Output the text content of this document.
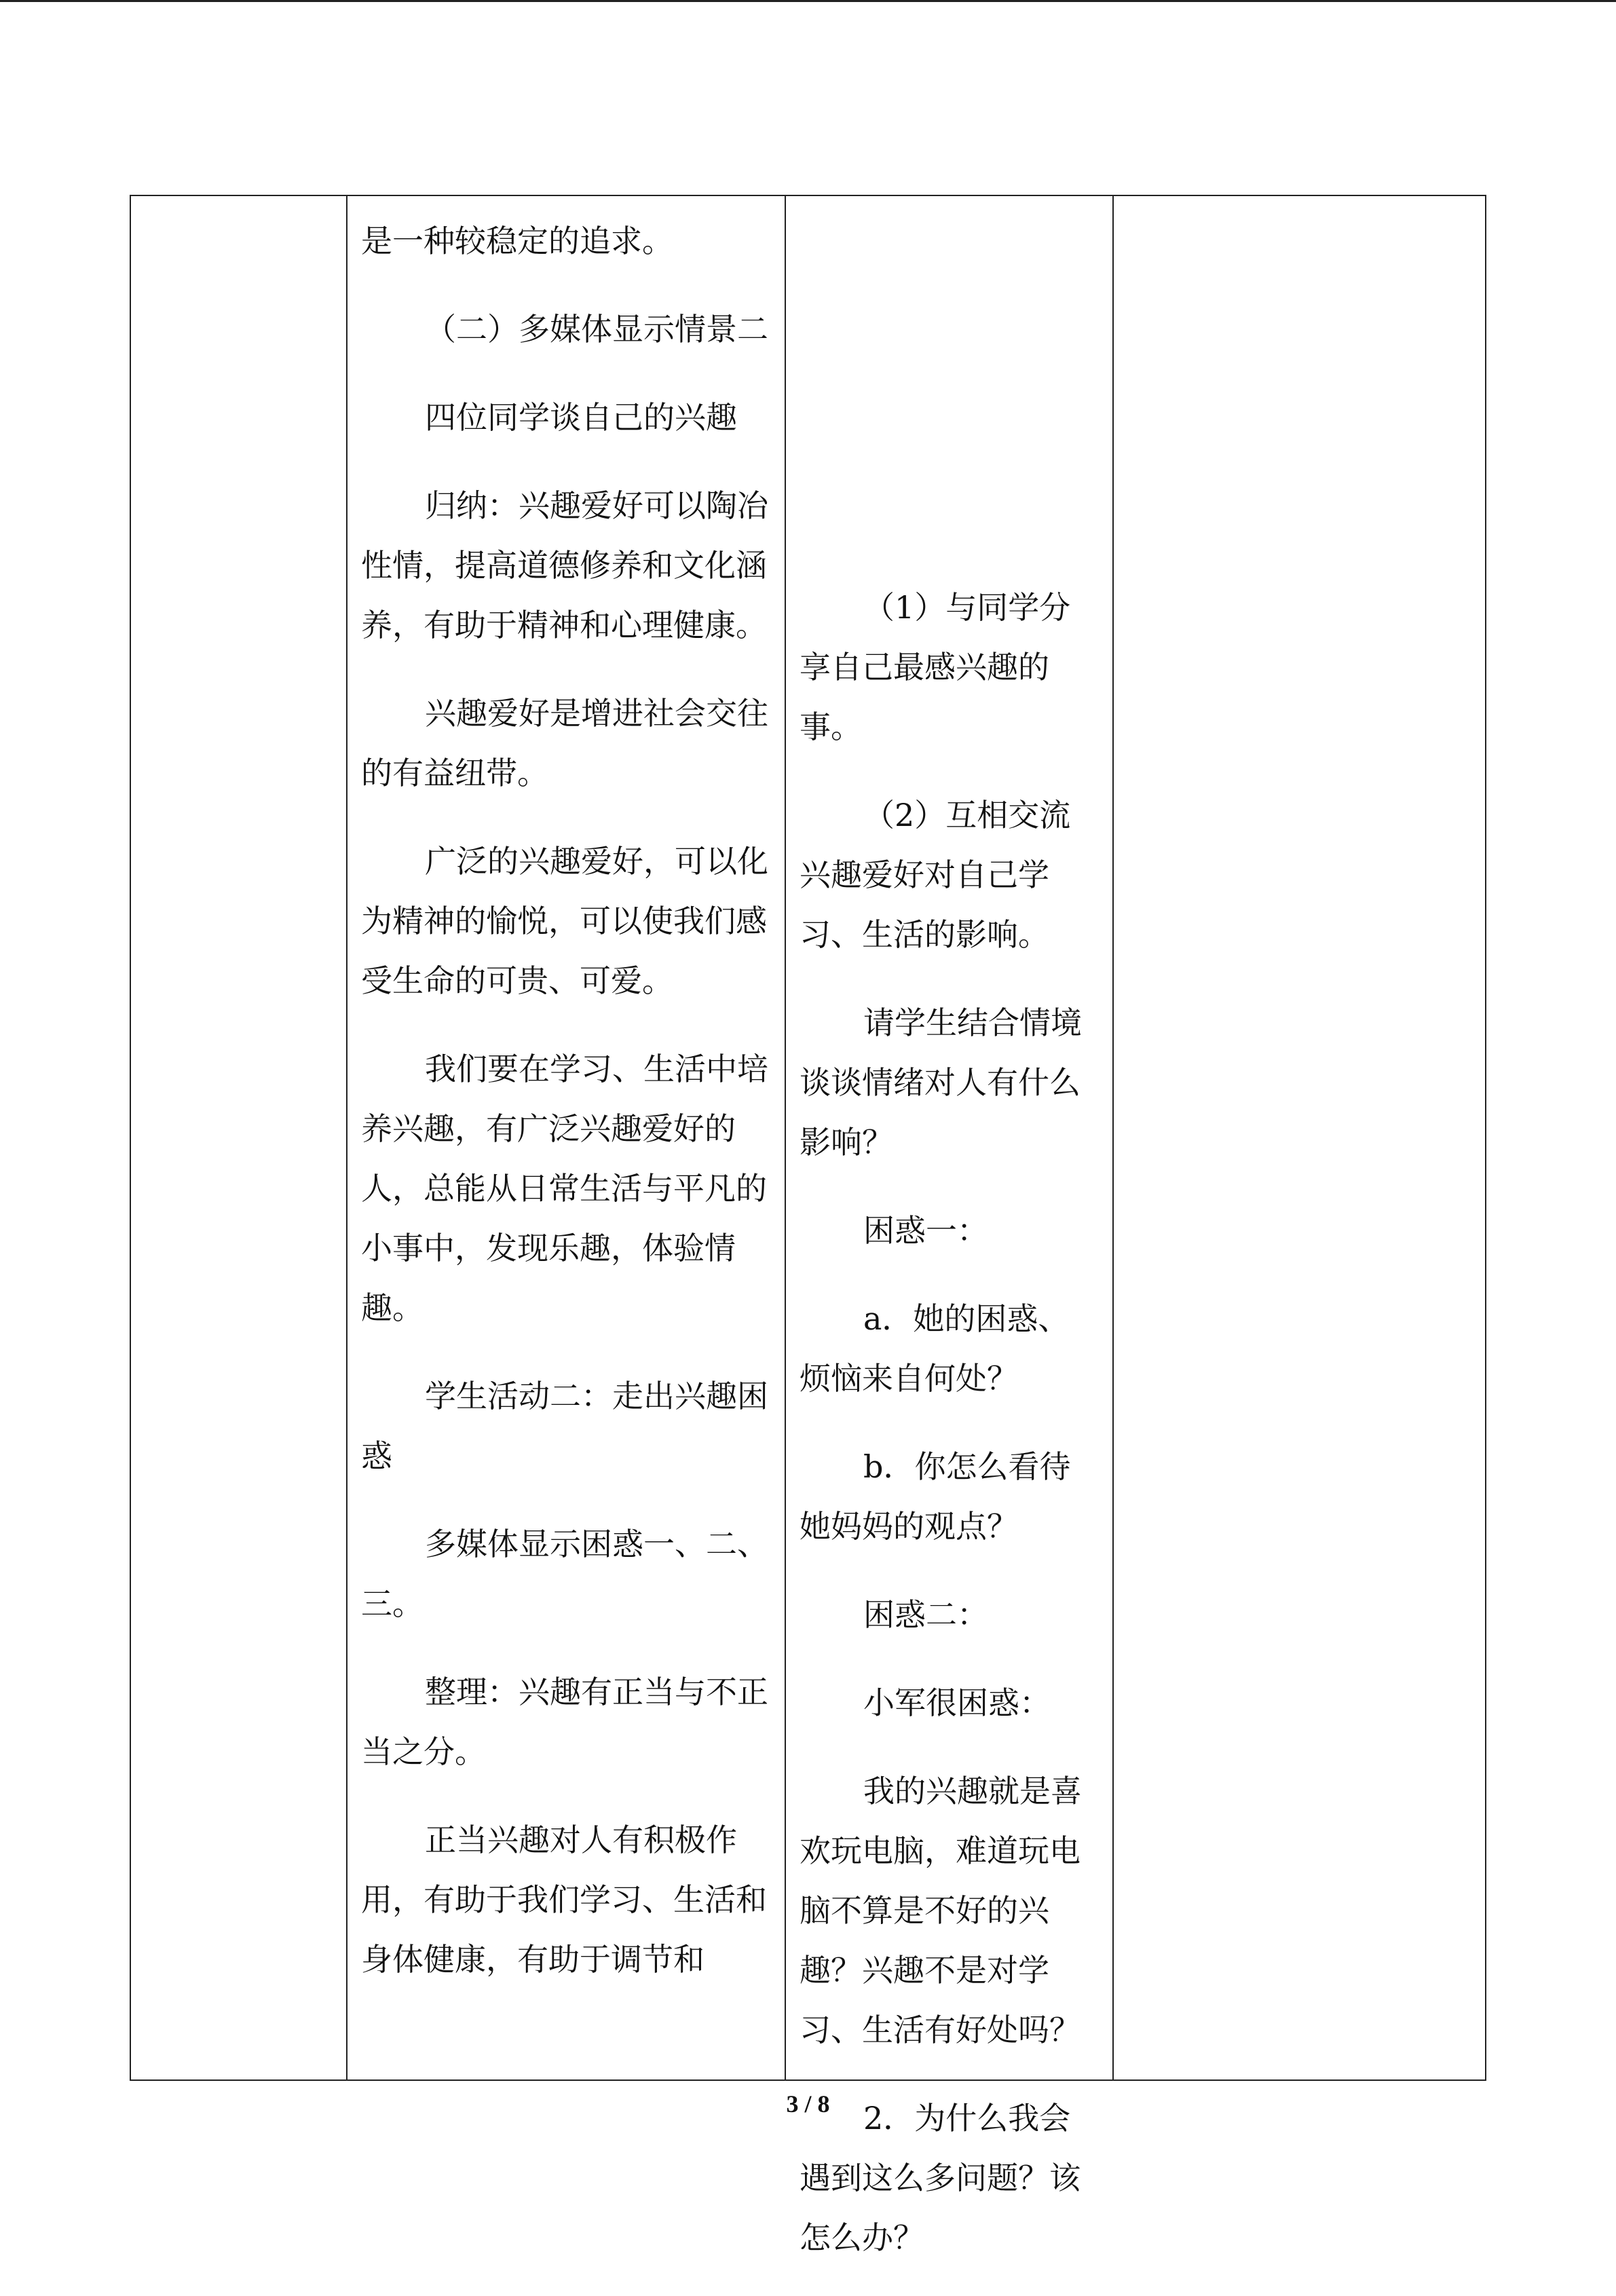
是一种较稳定的追求。

（二）多媒体显示情景二

四位同学谈自己的兴趣

归纳：兴趣爱好可以陶冶性情，提高道德修养和文化涵养，有助于精神和心理健康。

兴趣爱好是增进社会交往的有益纽带。

广泛的兴趣爱好，可以化为精神的愉悦，可以使我们感受生命的可贵、可爱。

我们要在学习、生活中培养兴趣，有广泛兴趣爱好的人，总能从日常生活与平凡的小事中，发现乐趣，体验情趣。

学生活动二：走出兴趣困惑

多媒体显示困惑一、二、三。

整理：兴趣有正当与不正当之分。

正当兴趣对人有积极作用，有助于我们学习、生活和身体健康，有助于调节和

（1）与同学分享自己最感兴趣的事。

（2）互相交流兴趣爱好对自己学习、生活的影响。

请学生结合情境谈谈情绪对人有什么影响？

困惑一：

a．她的困惑、烦恼来自何处？

b．你怎么看待她妈妈的观点？

困惑二：

小军很困惑：

我的兴趣就是喜欢玩电脑，难道玩电脑不算是不好的兴趣？兴趣不是对学习、生活有好处吗？

2．为什么我会遇到这么多问题？该怎么办？

3 / 8
